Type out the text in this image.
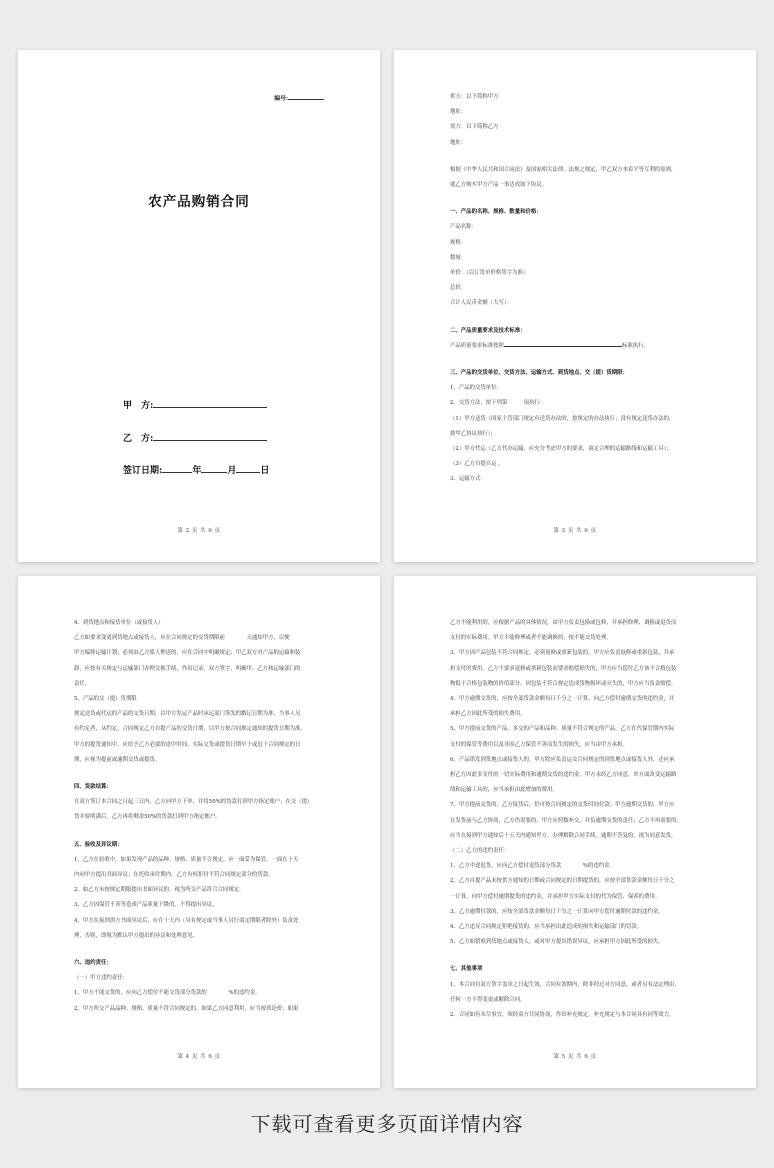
编号:
农产品购销合同
甲　方:
乙　方:
签订日期:	年	月	日
第 2 页 共 6 页
供方：以下简称甲方
地址：
需方：以下简称乙方
地址：
根据《中华人民共和国合同法》及国家相关法律、法规之规定，甲乙双方本着平等互利的原则，
就乙方购买甲方产品一事达成如下协议。
一、产品的名称、规格、数量和价格：
产品名称：
规格：
数量：
单价：（以订货单价格签字为准）
总价：
合计人民币金额（大写）：
二、产品质量要求及技术标准：
产品质量要求标准按照	标准执行。
三、产品的交货单位、交货方法、运输方式、到货地点、交（提）货期限：
1、产品的交货单位：
2、交货方法，按下列第　　　项执行：
（1）甲方送货（国家主管部门规定有送货办法的，按规定的办法执行；没有规定送货办法的，
按甲乙协议执行）；
（2）甲方代运（乙方代办运输，应充分考虑甲方的要求，商定合理的运输路线和运输工具）；
（3）乙方自提自运 。
3、运输方式：
第 3 页 共 6 页
4、到货地点和接货单位（或接货人）
乙方如要求变更到货地点或接货人，应在合同规定的交货期限前　　　　天通知甲方，以便
甲方编排运输计划；必须由乙方派人押送的，应在合同中明确规定；甲乙双方对产品的运输和装
卸，应按有关规定与运输部门办理交换手续，作出记录，双方签字，明确甲、乙方和运输部门的
责任。
5、产品的交（提）货期限
规定送货或代运的产品的交货日期，以甲方发运产品时承运部门签发的戳记日期为准，当事人另
有约定者，从约定；合同规定乙方自提产品的交货日期，以甲方按合同规定通知的提货日期为准。
甲方的提货通知中，应给予乙方必要的途中时间，实际交货或提货日期早于或迟于合同规定的日
期，应视为提前或逾期交货或提货。
四、货款结算：
在双方签订本合同之日起三日内，乙方向甲方下单，并将50%的货款打到甲方指定账户；在交（提）
货并验明满后，乙方再将剩余50%的货款打到甲方指定账户。
五、验收及异议期：
1、乙方在验收中，如果发现产品的品种、规格、质量不合规定，应一面妥为保管，一面在十天
内向甲方提出书面异议；在托收承付期内，乙方有权拒付不符合同规定部分的货款。
2、如乙方未按规定期限提出书面异议的，视为所交产品符合合同规定。
3、乙方因保管不善等造成产品质量下降的，不得提出异议。
4、甲方在接到需方书面异议后，应在十天内（另有规定或当事人另行商定期限者除外）负责处
理，否则，即视为默认甲方提出的异议和处理意见。
六、违约责任：
（一）甲方违约责任：
1、甲方不能交货的，应向乙方偿付不能交货部分货款的　　　　%的违约金。
2、甲方所交产品品种、规格、质量不符合同规定的，如果乙方同意利用，应当按质论价；如果
第 4 页 共 6 页
乙方不能利用的，应根据产品的具体情况，由甲方负责包换或包修，并承担修理、调换或退货而
支付的实际费用。甲方不能修理或者不能调换的，按不能交货处理。
3、甲方因产品包装不符合同规定，必须返修或重新包装的，甲方应负责返修或重新包装，并承
担支付的费用。乙方不要求返修或重新包装而要求赔偿损失的，甲方应当偿付乙方该不合格包装
物低于合格包装物的价值部分。因包装不符合规定造成货物损坏或灭失的，甲方应当负责赔偿。
4、甲方逾期交货的，应按全部货款金额每日千分之一计算，向乙方偿付逾期交货的违约金，并
承担乙方因此所受的损失费用。
5、甲方提前交货的产品、多交的产品和品种、质量不符合规定的产品，乙方在代保管期内实际
支付的保管等费用以及非因乙方保管不善而发生的损失，应当由甲方承担。
6、产品错发到货地点或接货人的，甲方除应负责运交合同规定的到货地点或接货人外，还应承
担乙方因此多支付的一切实际费用和逾期交货的违约金。甲方未经乙方同意，单方面改变运输路
线和运输工具的，应当承担由此增加的费用。
7、甲方提前交货的，乙方接货后，仍可按合同规定的交货时间付款；甲方逾期交货的，甲方应
在发货前与乙方协商，乙方仍需要的，甲方应照数补交，并负逾期交货的责任；乙方不再需要的，
应当在接到甲方通知后十五天内通知甲方，办理解除合同手续，逾期不答复的，视为同意发货。
（二）乙方的违约责任：
1、乙方中途退货，应向乙方偿付退货部分货款　　　　%的违约金。
2、乙方自提产品未按供方通知的日期或合同规定的日期提货的，应按全部货款金额每日千分之
一计算，向甲方偿付逾期提货的违约金，并承担甲方实际支付的代为保管、保养的费用。
3、乙方逾期付款的，应按全部货款金额每日千分之一计算向甲方偿付逾期付款的违约金。
4、乙方违反合同规定拒绝接货的，应当承担由此造成的损失和运输部门的罚款。
5、乙方如错填到货地点或接货人，或对甲方提出错误异议，应承担甲方因此所受的损失。
七、其他事项
1、本合同自双方签字盖章之日起生效，合同有效期内，除非经过对方同意，或者另有法定理由，
任何一方不得变更或解除合同。
2、合同如有未尽事宜，须经双方共同协商，作出补充规定，补充规定与本合同具有同等效力。
第 5 页 共 6 页
下载可查看更多页面详情内容
